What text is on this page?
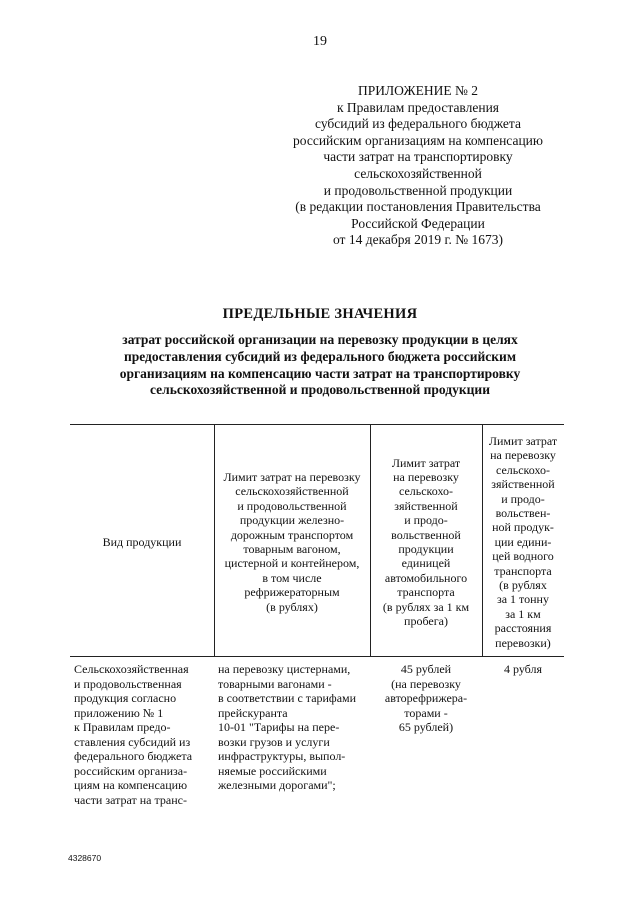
19
ПРИЛОЖЕНИЕ № 2
к Правилам предоставления
субсидий из федерального бюджета
российским организациям на компенсацию
части затрат на транспортировку
сельскохозяйственной
и продовольственной продукции
(в редакции постановления Правительства
Российской Федерации
от 14 декабря 2019 г. № 1673)
ПРЕДЕЛЬНЫЕ ЗНАЧЕНИЯ
затрат российской организации на перевозку продукции в целях
предоставления субсидий из федерального бюджета российским
организациям на компенсацию части затрат на транспортировку
сельскохозяйственной и продовольственной продукции
Вид продукции
Лимит затрат на перевозку
сельскохозяйственной
и продовольственной
продукции железно-
дорожным транспортом
товарным вагоном,
цистерной и контейнером,
в том числе
рефрижераторным
(в рублях)
Лимит затрат
на перевозку
сельскохо-
зяйственной
и продо-
вольственной
продукции
единицей
автомобильного
транспорта
(в рублях за 1 км
пробега)
Лимит затрат
на перевозку
сельскохо-
зяйственной
и продо-
вольствен-
ной продук-
ции едини-
цей водного
транспорта
(в рублях
за 1 тонну
за 1 км
расстояния
перевозки)
Сельскохозяйственная
и продовольственная
продукция согласно
приложению № 1
к Правилам предо-
ставления субсидий из
федерального бюджета
российским организа-
циям на компенсацию
части затрат на транс-
на перевозку цистернами,
товарными вагонами -
в соответствии с тарифами
прейскуранта
10-01 "Тарифы на пере-
возки грузов и услуги
инфраструктуры, выпол-
няемые российскими
железными дорогами";
45 рублей
(на перевозку
авторефрижера-
торами -
65 рублей)
4 рубля
4328670
